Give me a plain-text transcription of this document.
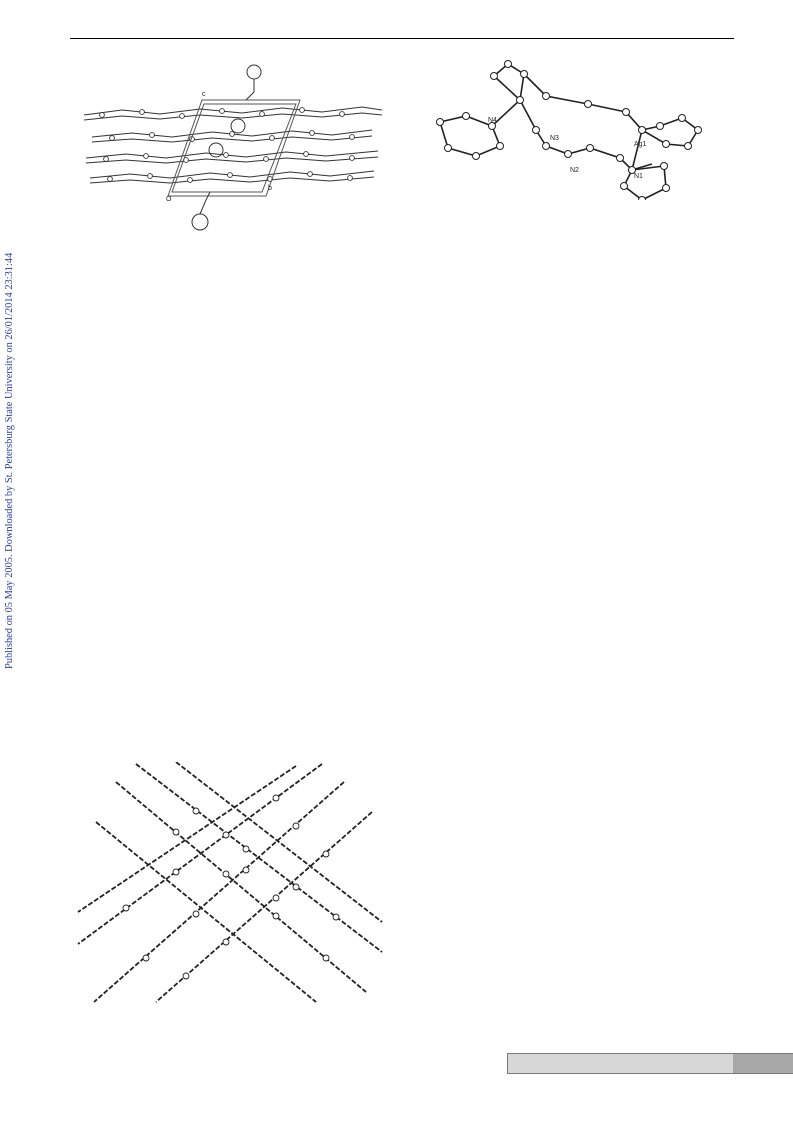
Published on 05 May 2005. Downloaded by St. Petersburg State University on 26/01/2014 23:31:44
c
O
b
N4
N3
N2
N1
Ag1
